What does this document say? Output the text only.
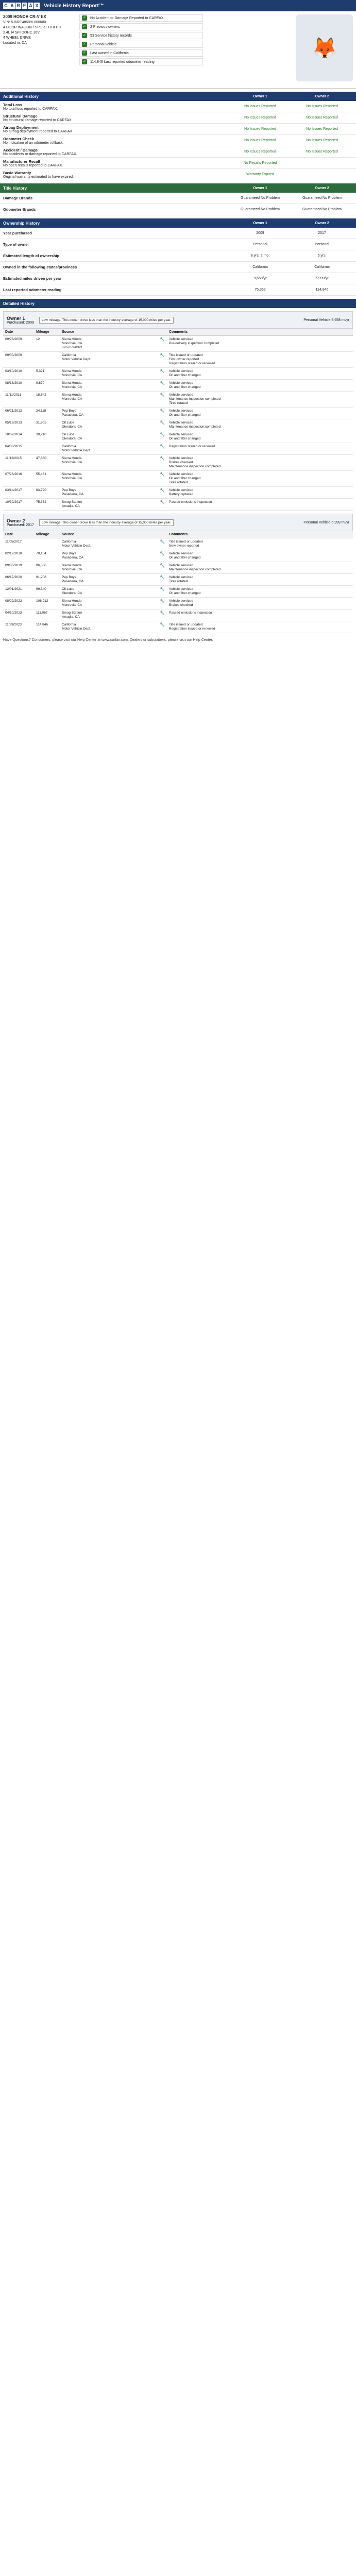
C A R F A X Vehicle History Report™
2009 HONDA CR-V EX
VIN: 5J6RE48509L000000
4 DOOR WAGON / SPORT UTILITY
2.4L I4 SFI DOHC 16V
4 WHEEL DRIVE
Located in: CA
✓ No Accident or Damage Reported to CARFAX
✓ 2 Previous owners
✓ 53 Service history records
✓ Personal vehicle
✓ Last owned in California
✓ 114,846 Last reported odometer reading
🦊
Additional History	Owner 1	Owner 2
Total Loss
No total loss reported to CARFAX.
No Issues Reported	No Issues Reported
Structural Damage
No structural damage reported to CARFAX.
No Issues Reported	No Issues Reported
Airbag Deployment
No airbag deployment reported to CARFAX.
No Issues Reported	No Issues Reported
Odometer Check
No indication of an odometer rollback.
No Issues Reported	No Issues Reported
Accident / Damage
No accidents or damage reported to CARFAX.
No Issues Reported	No Issues Reported
Manufacturer Recall
No open recalls reported to CARFAX.
No Recalls Reported
Basic Warranty
Original warranty estimated to have expired.
Warranty Expired
Title History	Owner 1	Owner 2
Damage Brands	Guaranteed No Problem	Guaranteed No Problem
Odometer Brands	Guaranteed No Problem	Guaranteed No Problem
Ownership History	Owner 1	Owner 2
Year purchased	2009	2017
Type of owner	Personal	Personal
Estimated length of ownership	8 yrs. 2 mo.	6 yrs.
Owned in the following states/provinces	California	California
Estimated miles driven per year	9,658/yr	5,999/yr
Last reported odometer reading	75,362	114,846
Detailed History
Owner 1
Purchased: 2009
Low mileage! This owner drove less than the industry average of 15,000 miles per year.	Personal Vehicle 9,658 mi/yr
Date	Mileage	Source		Comments
09/28/2009	12	Sierra Honda
Monrovia, CA
626-359-8321	🔧	Vehicle serviced
Pre-delivery inspection completed
09/30/2009		California
Motor Vehicle Dept.	🔧	Title issued or updated
First owner reported
Registration issued or renewed
03/10/2010	5,321	Sierra Honda
Monrovia, CA	🔧	Vehicle serviced
Oil and filter changed
08/18/2010	9,870	Sierra Honda
Monrovia, CA	🔧	Vehicle serviced
Oil and filter changed
11/11/2011	18,642	Sierra Honda
Monrovia, CA	🔧	Vehicle serviced
Maintenance inspection completed
Tires rotated
06/21/2012	24,118	Pep Boys
Pasadena, CA	🔧	Vehicle serviced
Oil and filter changed
05/19/2013	31,905	Oil Lube
Glendora, CA	🔧	Vehicle serviced
Maintenance inspection completed
10/02/2014	39,210	Oil Lube
Glendora, CA	🔧	Vehicle serviced
Oil and filter changed
04/08/2015		California
Motor Vehicle Dept.	🔧	Registration issued or renewed
11/12/2015	47,880	Sierra Honda
Monrovia, CA	🔧	Vehicle serviced
Brakes checked
Maintenance inspection completed
07/26/2016	55,431	Sierra Honda
Monrovia, CA	🔧	Vehicle serviced
Oil and filter changed
Tires rotated
03/14/2017	63,720	Pep Boys
Pasadena, CA	🔧	Vehicle serviced
Battery replaced
10/30/2017	75,362	Smog Station
Arcadia, CA	🔧	Passed emissions inspection
Owner 2
Purchased: 2017
Low mileage! This owner drove less than the industry average of 15,000 miles per year.	Personal Vehicle 5,999 mi/yr
Date	Mileage	Source		Comments
11/05/2017		California
Motor Vehicle Dept.	🔧	Title issued or updated
New owner reported
02/12/2018	78,104	Pep Boys
Pasadena, CA	🔧	Vehicle serviced
Oil and filter changed
09/03/2019	86,550	Sierra Honda
Monrovia, CA	🔧	Vehicle serviced
Maintenance inspection completed
06/17/2020	91,208	Pep Boys
Pasadena, CA	🔧	Vehicle serviced
Tires rotated
12/01/2021	99,340	Oil Lube
Glendora, CA	🔧	Vehicle serviced
Oil and filter changed
08/22/2022	106,912	Sierra Honda
Monrovia, CA	🔧	Vehicle serviced
Brakes checked
04/10/2023	111,067	Smog Station
Arcadia, CA	🔧	Passed emissions inspection
11/29/2023	114,846	California
Motor Vehicle Dept.	🔧	Title issued or updated
Registration issued or renewed
Have Questions? Consumers, please visit our Help Center at www.carfax.com. Dealers or subscribers, please visit our Help Center.
